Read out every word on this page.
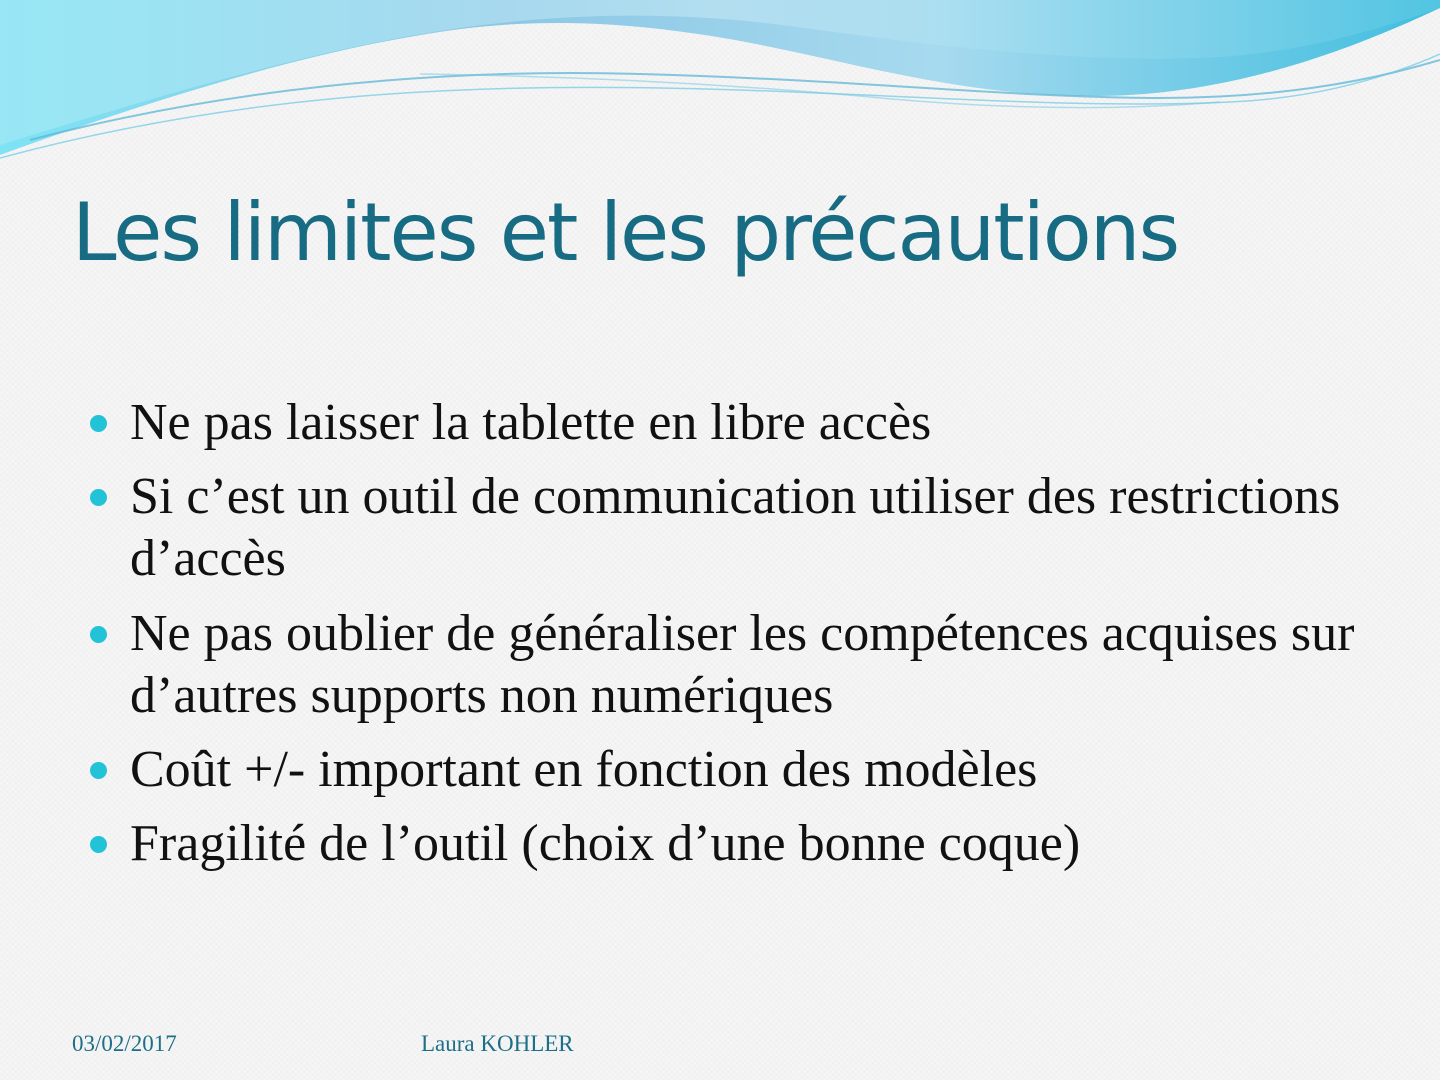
Les limites et les précautions
Ne pas laisser la tablette en libre accès
Si c’est un outil de communication utiliser des restrictions d’accès
Ne pas oublier de généraliser les compétences acquises sur d’autres supports non numériques
Coût +/- important en fonction des modèles
Fragilité de l’outil (choix d’une bonne coque)
03/02/2017	Laura KOHLER
